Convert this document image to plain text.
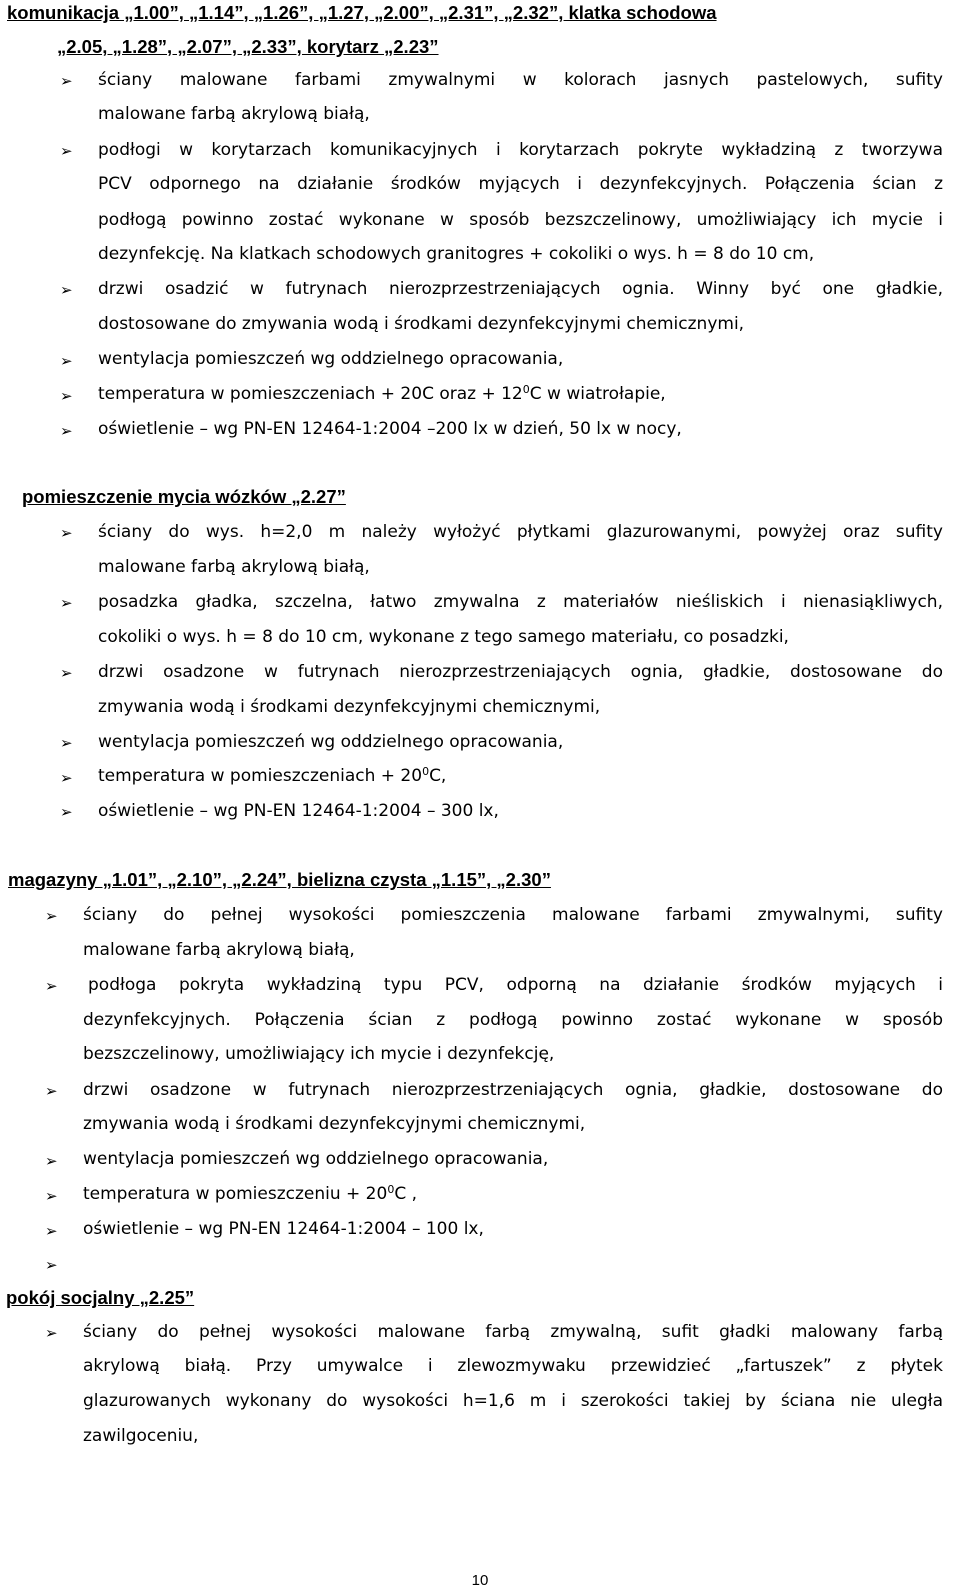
komunikacja „1.00”, „1.14”, „1.26”, „1.27, „2.00”, „2.31”, „2.32”, klatka schodowa
„2.05, „1.28”, „2.07”, „2.33”, korytarz „2.23”
➢ ściany malowane farbami zmywalnymi w kolorach jasnych pastelowych, sufity
malowane farbą akrylową białą,
➢ podłogi w korytarzach komunikacyjnych i korytarzach pokryte wykładziną z tworzywa
PCV odpornego na działanie środków myjących i dezynfekcyjnych. Połączenia ścian z
podłogą powinno zostać wykonane w sposób bezszczelinowy, umożliwiający ich mycie i
dezynfekcję. Na klatkach schodowych granitogres + cokoliki o wys. h = 8 do 10 cm,
➢ drzwi osadzić w futrynach nierozprzestrzeniających ognia. Winny być one gładkie,
dostosowane do zmywania wodą i środkami dezynfekcyjnymi chemicznymi,
➢ wentylacja pomieszczeń wg oddzielnego opracowania,
➢ temperatura w pomieszczeniach + 20C oraz + $12^0C$ w wiatrołapie,
➢ oświetlenie – wg PN-EN 12464-1:2004 –200 lx w dzień, 50 lx w nocy,
pomieszczenie mycia wózków „2.27”
➢ ściany do wys. h=2,0 m należy wyłożyć płytkami glazurowanymi, powyżej oraz sufity
malowane farbą akrylową białą,
➢ posadzka gładka, szczelna, łatwo zmywalna z materiałów nieśliskich i nienasiąkliwych,
cokoliki o wys. h = 8 do 10 cm, wykonane z tego samego materiału, co posadzki,
➢ drzwi osadzone w futrynach nierozprzestrzeniających ognia, gładkie, dostosowane do
zmywania wodą i środkami dezynfekcyjnymi chemicznymi,
➢ wentylacja pomieszczeń wg oddzielnego opracowania,
➢ temperatura w pomieszczeniach + $20^0C$,
➢ oświetlenie – wg PN-EN 12464-1:2004 – 300 lx,
magazyny „1.01”, „2.10”, „2.24”, bielizna czysta „1.15”, „2.30”
➢ ściany do pełnej wysokości pomieszczenia malowane farbami zmywalnymi, sufity
malowane farbą akrylową białą,
➢ podłoga pokryta wykładziną typu PCV, odporną na działanie środków myjących i
dezynfekcyjnych. Połączenia ścian z podłogą powinno zostać wykonane w sposób
bezszczelinowy, umożliwiający ich mycie i dezynfekcję,
➢ drzwi osadzone w futrynach nierozprzestrzeniających ognia, gładkie, dostosowane do
zmywania wodą i środkami dezynfekcyjnymi chemicznymi,
➢ wentylacja pomieszczeń wg oddzielnego opracowania,
➢ temperatura w pomieszczeniu + $20^0C$ ,
➢ oświetlenie – wg PN-EN 12464-1:2004 – 100 lx,
➢
pokój socjalny „2.25”
➢ ściany do pełnej wysokości malowane farbą zmywalną, sufit gładki malowany farbą
akrylową białą. Przy umywalce i zlewozmywaku przewidzieć „fartuszek” z płytek
glazurowanych wykonany do wysokości h=1,6 m i szerokości takiej by ściana nie uległa
zawilgoceniu,
10
